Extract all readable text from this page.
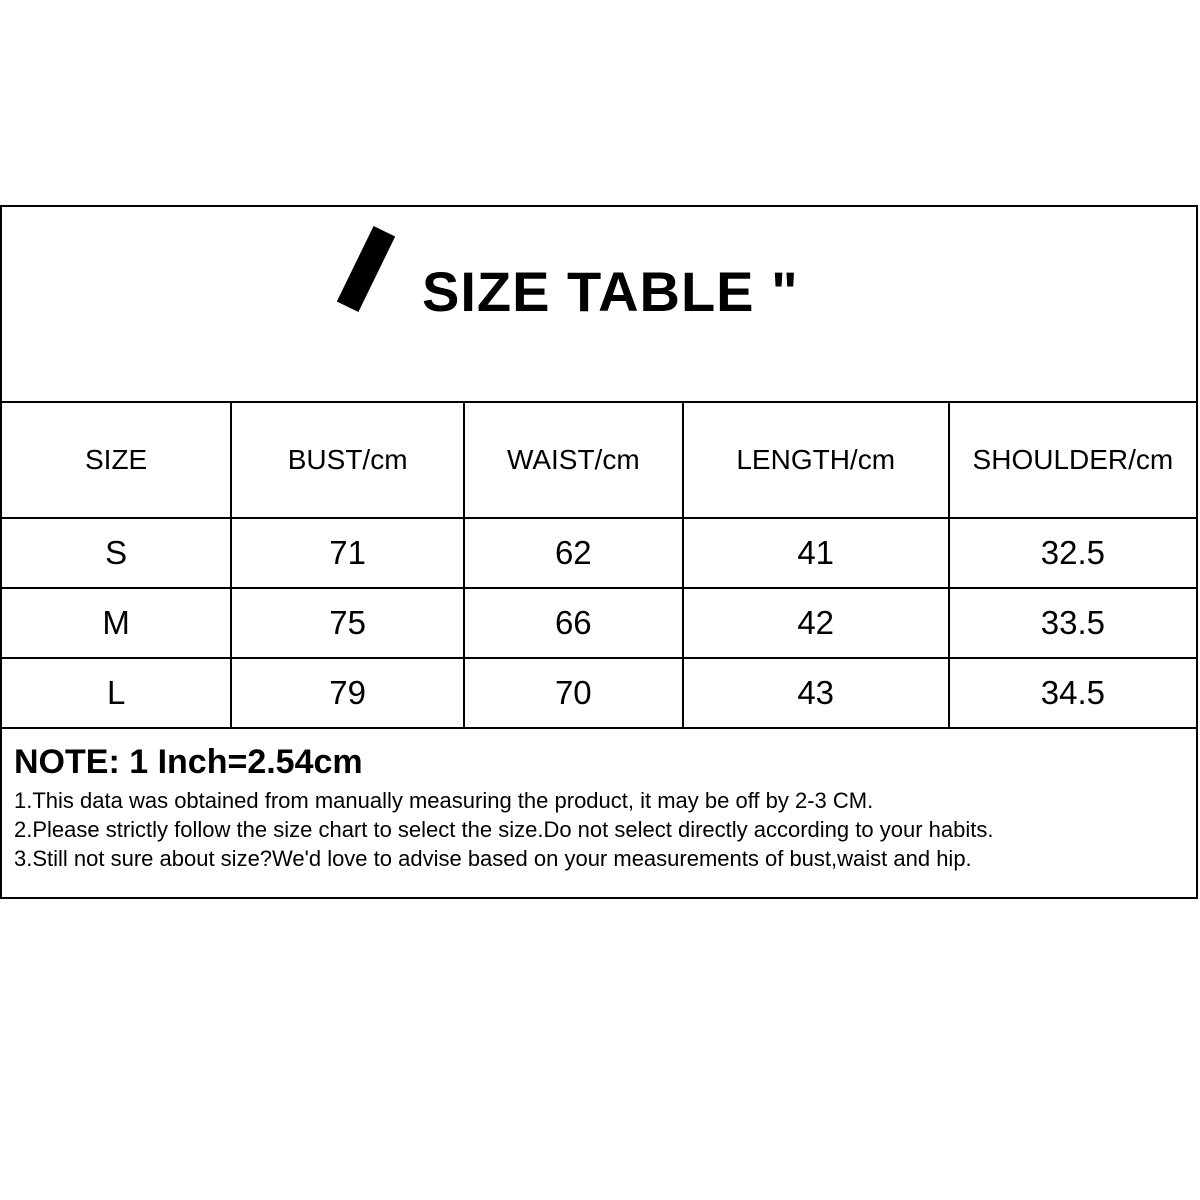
SIZE TABLE "
SIZE	BUST/cm	WAIST/cm	LENGTH/cm	SHOULDER/cm
S	71	62	41	32.5
M	75	66	42	33.5
L	79	70	43	34.5
NOTE: 1 Inch=2.54cm
1.This data was obtained from manually measuring the product, it may be off by 2-3 CM.
2.Please strictly follow the size chart to select the size.Do not select directly according to your habits.
3.Still not sure about size?We'd love to advise based on your measurements of bust,waist and hip.
